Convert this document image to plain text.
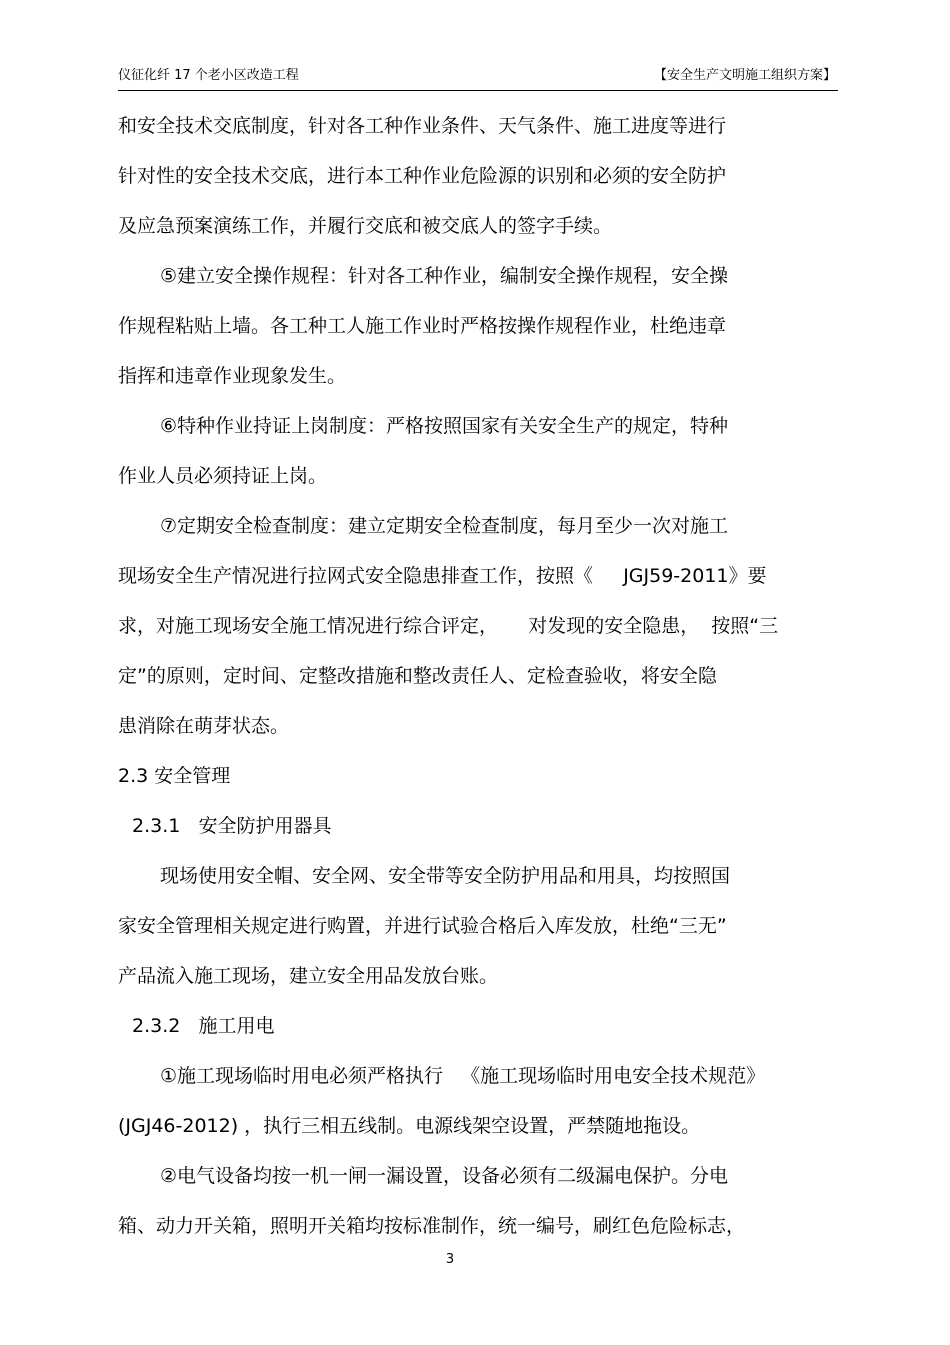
仪征化纤 17 个老小区改造工程	【安全生产文明施工组织方案】
和安全技术交底制度，针对各工种作业条件、天气条件、施工进度等进行
针对性的安全技术交底，进行本工种作业危险源的识别和必须的安全防护
及应急预案演练工作，并履行交底和被交底人的签字手续。
⑤建立安全操作规程：针对各工种作业，编制安全操作规程，安全操
作规程粘贴上墙。各工种工人施工作业时严格按操作规程作业，杜绝违章
指挥和违章作业现象发生。
⑥特种作业持证上岗制度：严格按照国家有关安全生产的规定，特种
作业人员必须持证上岗。
⑦定期安全检查制度：建立定期安全检查制度，每月至少一次对施工
现场安全生产情况进行拉网式安全隐患排查工作，按照《     JGJ59-2011》要
求，对施工现场安全施工情况进行综合评定，     对发现的安全隐患，  按照“三
定”的原则，定时间、定整改措施和整改责任人、定检查验收，将安全隐
患消除在萌芽状态。
2.3 安全管理
2.3.1   安全防护用器具
现场使用安全帽、安全网、安全带等安全防护用品和用具，均按照国
家安全管理相关规定进行购置，并进行试验合格后入库发放，杜绝“三无”
产品流入施工现场，建立安全用品发放台账。
2.3.2   施工用电
①施工现场临时用电必须严格执行   《施工现场临时用电安全技术规范》
(JGJ46-2012) ，执行三相五线制。电源线架空设置，严禁随地拖设。
②电气设备均按一机一闸一漏设置，设备必须有二级漏电保护。分电
箱、动力开关箱，照明开关箱均按标准制作，统一编号，刷红色危险标志，
3
